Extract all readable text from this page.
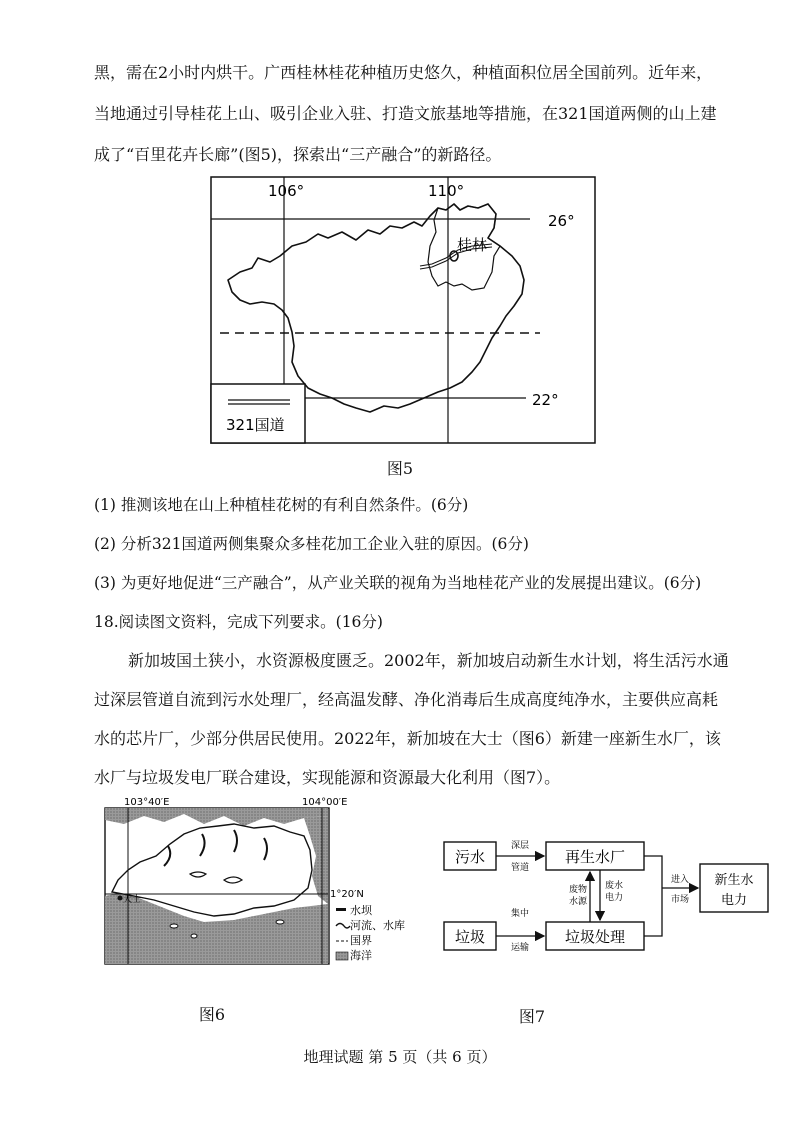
黑，需在2小时内烘干。广西桂林桂花种植历史悠久，种植面积位居全国前列。近年来，
当地通过引导桂花上山、吸引企业入驻、打造文旅基地等措施，在321国道两侧的山上建
成了“百里花卉长廊”(图5)，探索出“三产融合”的新路径。
106°	110°
26°
22°
桂林
321国道
图5
(1) 推测该地在山上种植桂花树的有利自然条件。(6分)
(2) 分析321国道两侧集聚众多桂花加工企业入驻的原因。(6分)
(3) 为更好地促进“三产融合”，从产业关联的视角为当地桂花产业的发展提出建议。(6分)
18.阅读图文资料，完成下列要求。(16分)
新加坡国土狭小，水资源极度匮乏。2002年，新加坡启动新生水计划，将生活污水通
过深层管道自流到污水处理厂，经高温发酵、净化消毒后生成高度纯净水，主要供应高耗
水的芯片厂，少部分供居民使用。2022年，新加坡在大士（图6）新建一座新生水厂，该
水厂与垃圾发电厂联合建设，实现能源和资源最大化利用（图7）。
大士
103°40′E	104°00′E
1°20′N
水坝
河流、水库
国界
海洋
图6
污水	再生水厂
垃圾	垃圾处理
新生水
电力
深层
管道
集中
运输
废物
水源
废水
电力
进入
市场
图7
地理试题 第 5 页（共 6 页）
